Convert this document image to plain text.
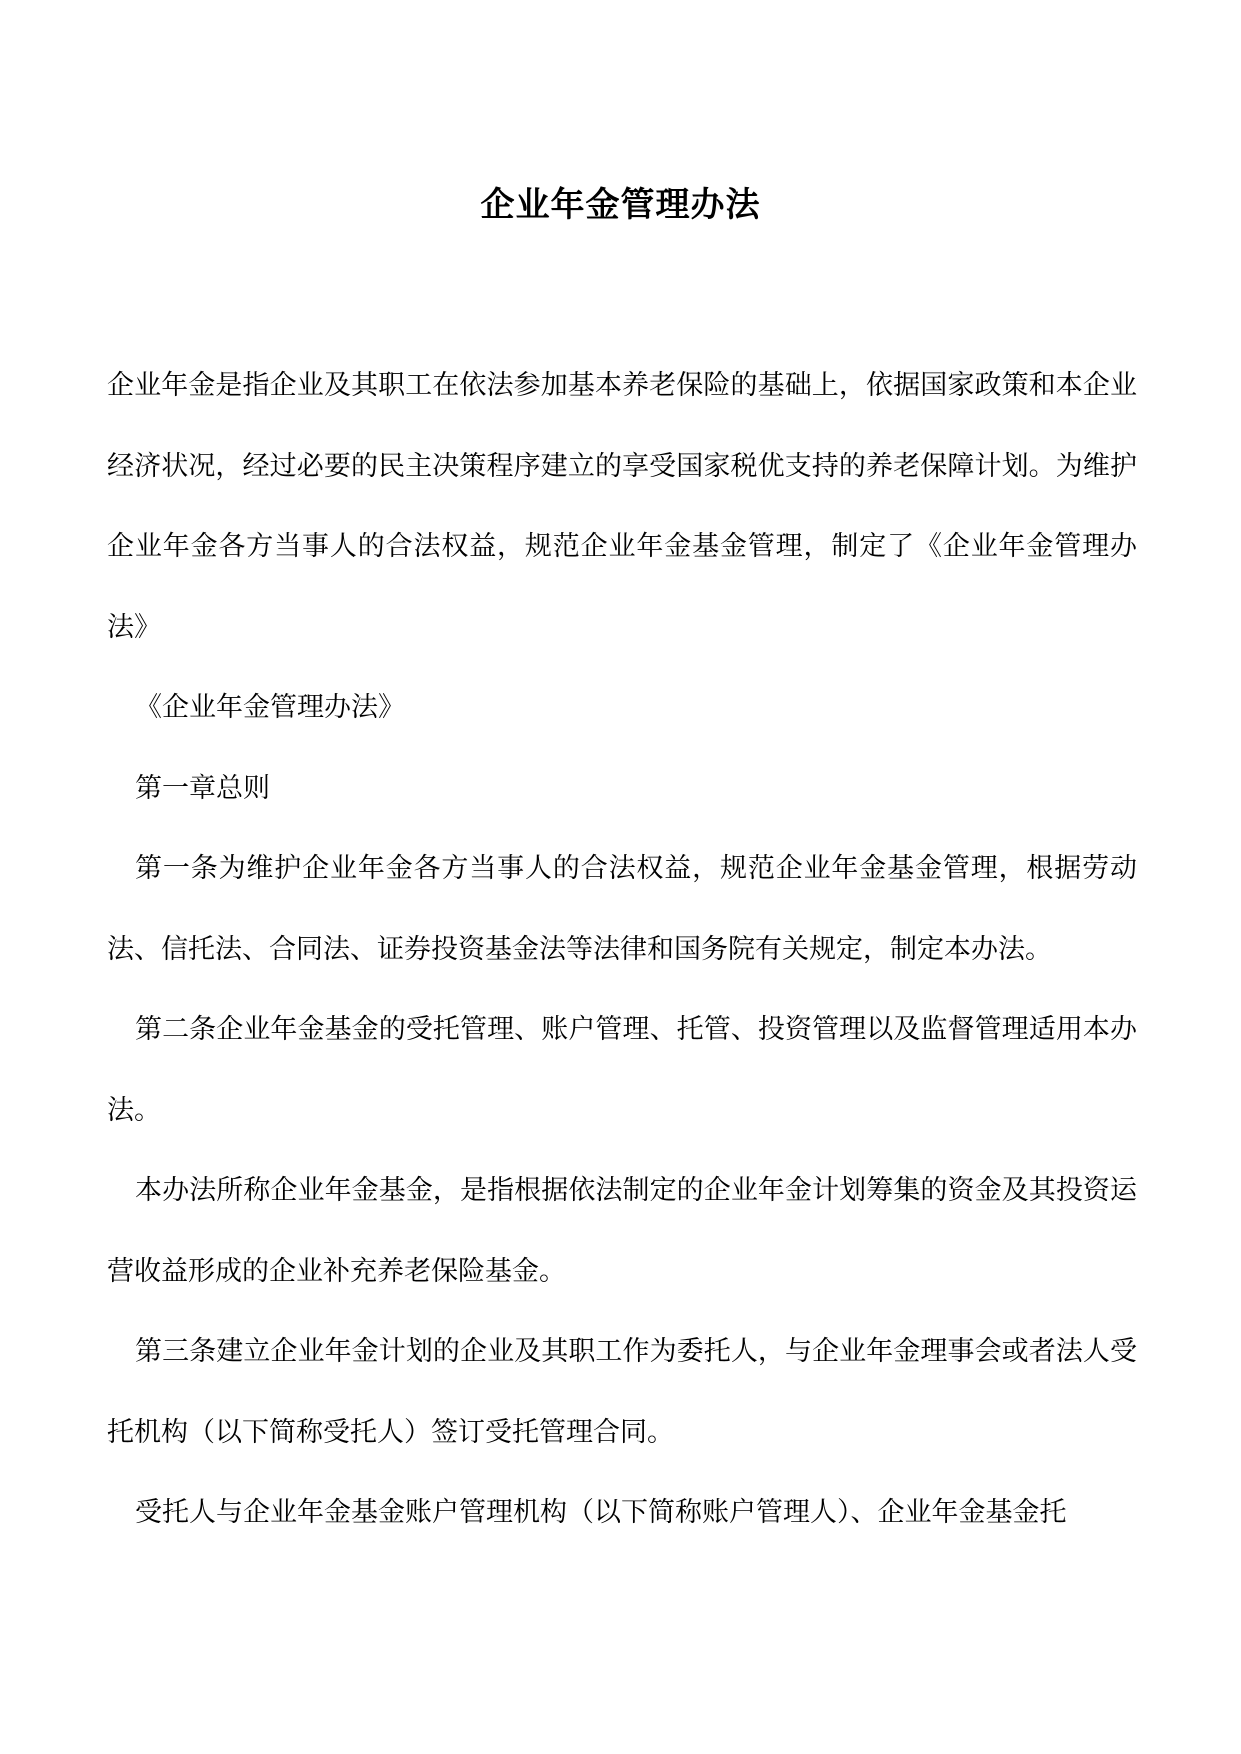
企业年金管理办法

企业年金是指企业及其职工在依法参加基本养老保险的基础上，依据国家政策和本企业经济状况，经过必要的民主决策程序建立的享受国家税优支持的养老保障计划。为维护企业年金各方当事人的合法权益，规范企业年金基金管理，制定了《企业年金管理办法》

《企业年金管理办法》

第一章总则

第一条为维护企业年金各方当事人的合法权益，规范企业年金基金管理，根据劳动法、信托法、合同法、证券投资基金法等法律和国务院有关规定，制定本办法。

第二条企业年金基金的受托管理、账户管理、托管、投资管理以及监督管理适用本办法。

本办法所称企业年金基金，是指根据依法制定的企业年金计划筹集的资金及其投资运营收益形成的企业补充养老保险基金。

第三条建立企业年金计划的企业及其职工作为委托人，与企业年金理事会或者法人受托机构（以下简称受托人）签订受托管理合同。

受托人与企业年金基金账户管理机构（以下简称账户管理人）、企业年金基金托
